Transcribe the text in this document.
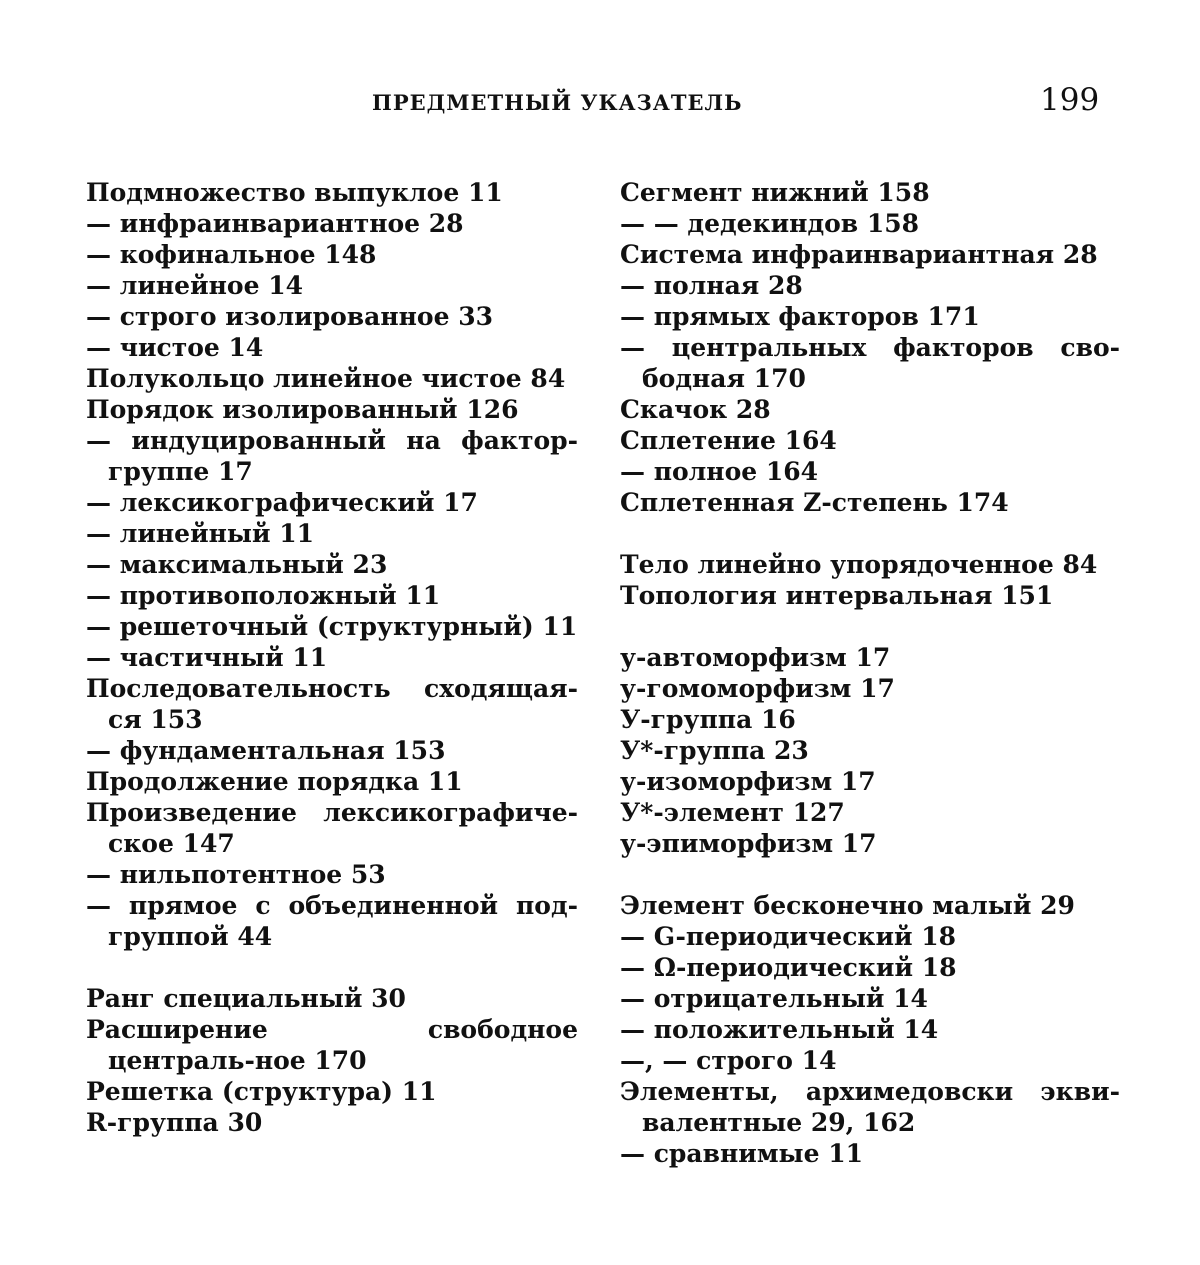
ПРЕДМЕТНЫЙ УКАЗАТЕЛЬ	199
Подмножество выпуклое 11
— инфраинвариантное 28
— кофинальное 148
— линейное 14
— строго изолированное 33
— чистое 14
Полукольцо линейное чистое 84
Порядок изолированный 126
— индуцированный на фактор-группе 17
— лексикографический 17
— линейный 11
— максимальный 23
— противоположный 11
— решеточный (структурный) 11
— частичный 11
Последовательность сходящая-ся 153
— фундаментальная 153
Продолжение порядка 11
Произведение лексикографиче-ское 147
— нильпотентное 53
— прямое с объединенной под-группой 44
Ранг специальный 30
Расширение свободное централь-ное 170
Решетка (структура) 11
R-группа 30
Сегмент нижний 158
— — дедекиндов 158
Система инфраинвариантная 28
— полная 28
— прямых факторов 171
— центральных факторов сво-бодная 170
Скачок 28
Сплетение 164
— полное 164
Сплетенная Z-степень 174
Тело линейно упорядоченное 84
Топология интервальная 151
у-автоморфизм 17
у-гомоморфизм 17
У-группа 16
У*-группа 23
у-изоморфизм 17
У*-элемент 127
у-эпиморфизм 17
Элемент бесконечно малый 29
— G-периодический 18
— Ω-периодический 18
— отрицательный 14
— положительный 14
—, — строго 14
Элементы, архимедовски экви-валентные 29, 162
— сравнимые 11
